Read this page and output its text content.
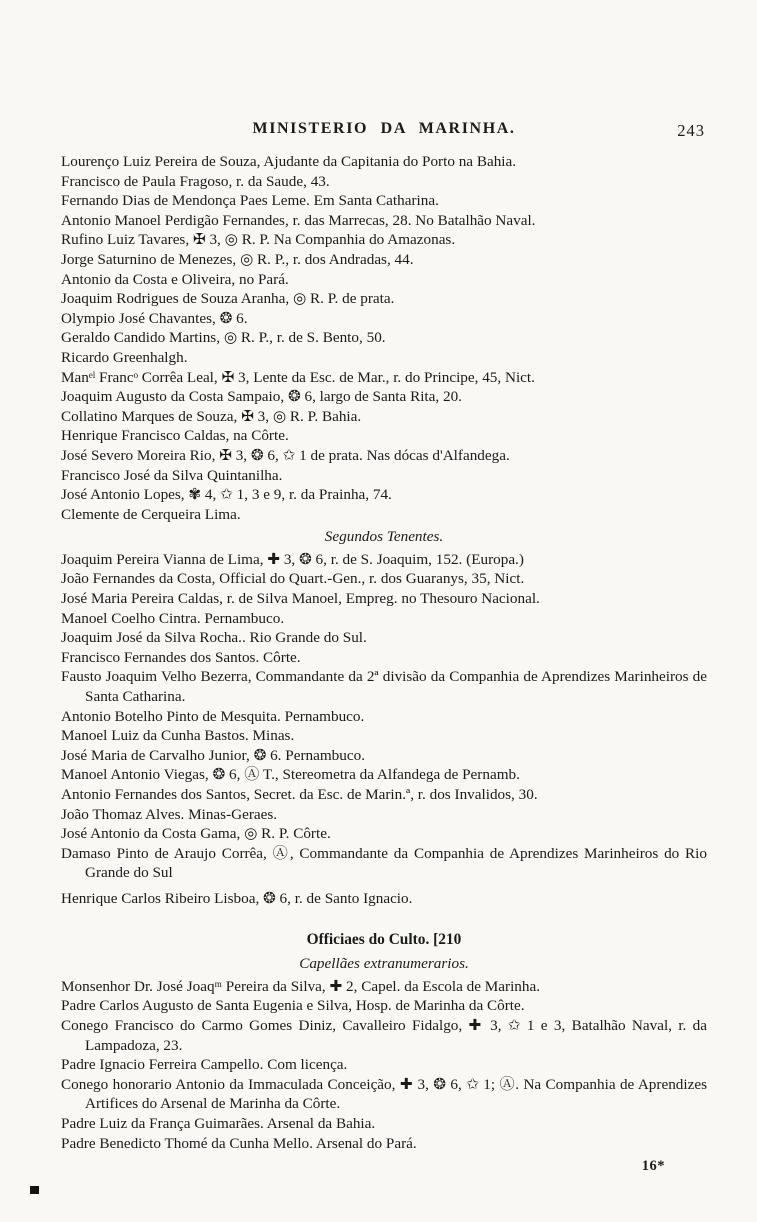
MINISTERIO DA MARINHA.	243

Lourenço Luiz Pereira de Souza, Ajudante da Capitania do Porto na Bahia.

Francisco de Paula Fragoso, r. da Saude, 43.

Fernando Dias de Mendonça Paes Leme. Em Santa Catharina.

Antonio Manoel Perdigão Fernandes, r. das Marrecas, 28. No Batalhão Naval.

Rufino Luiz Tavares, ✠ 3, ◎ R. P. Na Companhia do Amazonas.

Jorge Saturnino de Menezes, ◎ R. P., r. dos Andradas, 44.

Antonio da Costa e Oliveira, no Pará.

Joaquim Rodrigues de Souza Aranha, ◎ R. P. de prata.

Olympio José Chavantes, ❂ 6.

Geraldo Candido Martins, ◎ R. P., r. de S. Bento, 50.

Ricardo Greenhalgh.

Manᵉˡ Francᵒ Corrêa Leal, ✠ 3, Lente da Esc. de Mar., r. do Principe, 45, Nict.

Joaquim Augusto da Costa Sampaio, ❂ 6, largo de Santa Rita, 20.

Collatino Marques de Souza, ✠ 3, ◎ R. P. Bahia.

Henrique Francisco Caldas, na Côrte.

José Severo Moreira Rio, ✠ 3, ❂ 6, ✩ 1 de prata. Nas dócas d'Alfandega.

Francisco José da Silva Quintanilha.

José Antonio Lopes, ✾ 4, ✩ 1, 3 e 9, r. da Prainha, 74.

Clemente de Cerqueira Lima.

Segundos Tenentes.

Joaquim Pereira Vianna de Lima, ✚ 3, ❂ 6, r. de S. Joaquim, 152. (Europa.)

João Fernandes da Costa, Official do Quart.-Gen., r. dos Guaranys, 35, Nict.

José Maria Pereira Caldas, r. de Silva Manoel, Empreg. no Thesouro Nacional.

Manoel Coelho Cintra. Pernambuco.

Joaquim José da Silva Rocha.. Rio Grande do Sul.

Francisco Fernandes dos Santos. Côrte.

Fausto Joaquim Velho Bezerra, Commandante da 2ª divisão da Companhia de Aprendizes Marinheiros de Santa Catharina.

Antonio Botelho Pinto de Mesquita. Pernambuco.

Manoel Luiz da Cunha Bastos. Minas.

José Maria de Carvalho Junior, ❂ 6. Pernambuco.

Manoel Antonio Viegas, ❂ 6, Ⓐ T., Stereometra da Alfandega de Pernamb.

Antonio Fernandes dos Santos, Secret. da Esc. de Marin.ª, r. dos Invalidos, 30.

João Thomaz Alves. Minas-Geraes.

José Antonio da Costa Gama, ◎ R. P. Côrte.

Damaso Pinto de Araujo Corrêa, Ⓐ, Commandante da Companhia de Aprendizes Marinheiros do Rio Grande do Sul

Henrique Carlos Ribeiro Lisboa, ❂ 6, r. de Santo Ignacio.

Officiaes do Culto. [210

Capellães extranumerarios.

Monsenhor Dr. José Joaqᵐ Pereira da Silva, ✚ 2, Capel. da Escola de Marinha.

Padre Carlos Augusto de Santa Eugenia e Silva, Hosp. de Marinha da Côrte.

Conego Francisco do Carmo Gomes Diniz, Cavalleiro Fidalgo, ✚ 3, ✩ 1 e 3, Batalhão Naval, r. da Lampadoza, 23.

Padre Ignacio Ferreira Campello. Com licença.

Conego honorario Antonio da Immaculada Conceição, ✚ 3, ❂ 6, ✩ 1; Ⓐ. Na Companhia de Aprendizes Artifices do Arsenal de Marinha da Côrte.

Padre Luiz da França Guimarães. Arsenal da Bahia.

Padre Benedicto Thomé da Cunha Mello. Arsenal do Pará.

16*
